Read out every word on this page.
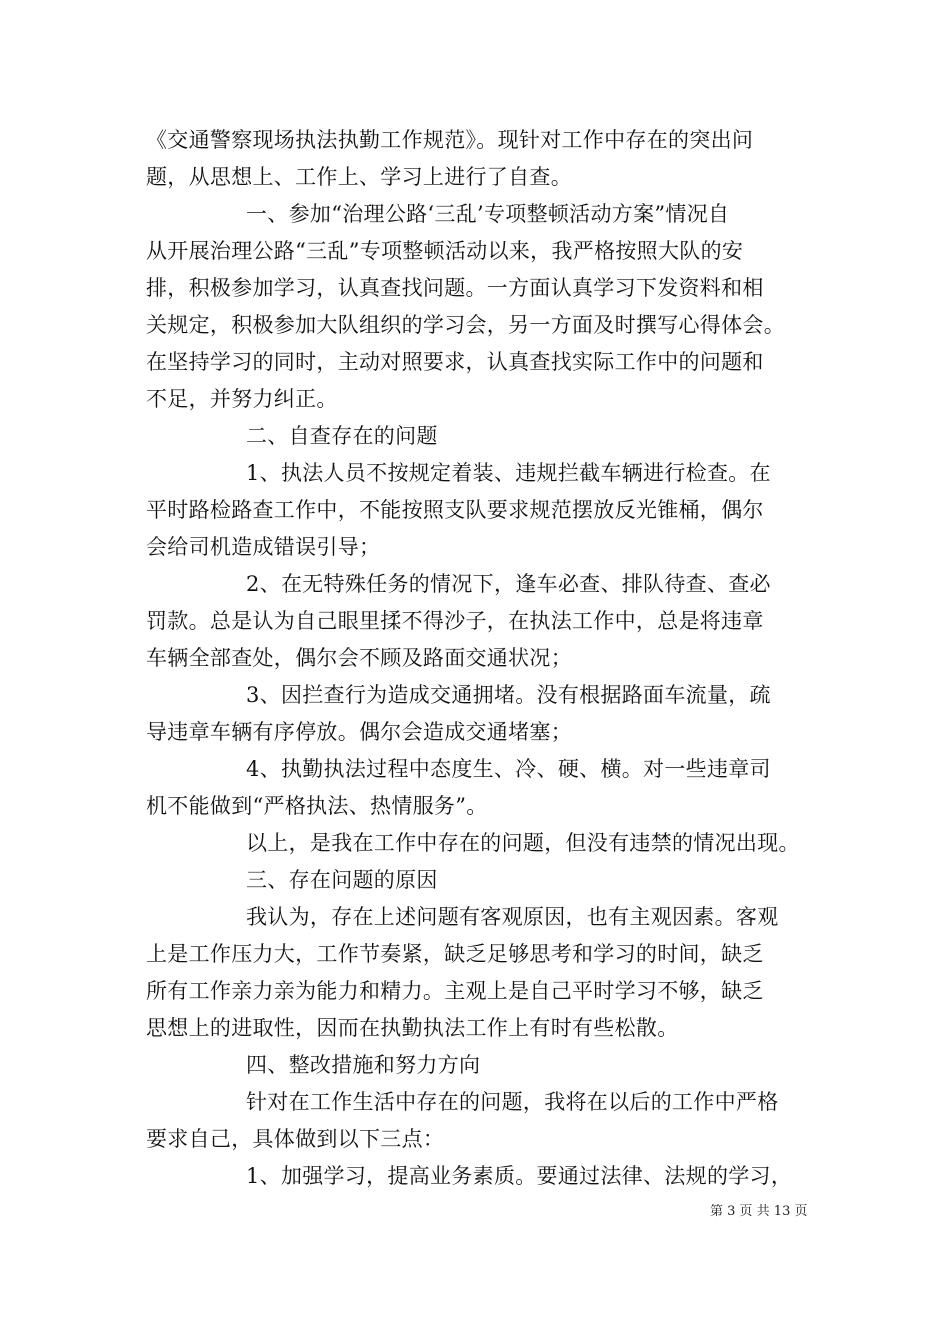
《交通警察现场执法执勤工作规范》。现针对工作中存在的突出问
题，从思想上、工作上、学习上进行了自查。
一、参加“治理公路‘三乱’专项整顿活动方案”情况自
从开展治理公路“三乱”专项整顿活动以来，我严格按照大队的安
排，积极参加学习，认真查找问题。一方面认真学习下发资料和相
关规定，积极参加大队组织的学习会，另一方面及时撰写心得体会。
在坚持学习的同时，主动对照要求，认真查找实际工作中的问题和
不足，并努力纠正。
二、自查存在的问题
1、执法人员不按规定着装、违规拦截车辆进行检查。在
平时路检路查工作中，不能按照支队要求规范摆放反光锥桶，偶尔
会给司机造成错误引导；
2、在无特殊任务的情况下，逢车必查、排队待查、查必
罚款。总是认为自己眼里揉不得沙子，在执法工作中，总是将违章
车辆全部查处，偶尔会不顾及路面交通状况；
3、因拦查行为造成交通拥堵。没有根据路面车流量，疏
导违章车辆有序停放。偶尔会造成交通堵塞；
4、执勤执法过程中态度生、冷、硬、横。对一些违章司
机不能做到“严格执法、热情服务”。
以上，是我在工作中存在的问题，但没有违禁的情况出现。
三、存在问题的原因
我认为，存在上述问题有客观原因，也有主观因素。客观
上是工作压力大，工作节奏紧，缺乏足够思考和学习的时间，缺乏
所有工作亲力亲为能力和精力。主观上是自己平时学习不够，缺乏
思想上的进取性，因而在执勤执法工作上有时有些松散。
四、整改措施和努力方向
针对在工作生活中存在的问题，我将在以后的工作中严格
要求自己，具体做到以下三点：
1、加强学习，提高业务素质。要通过法律、法规的学习，
第 3 页 共 13 页
